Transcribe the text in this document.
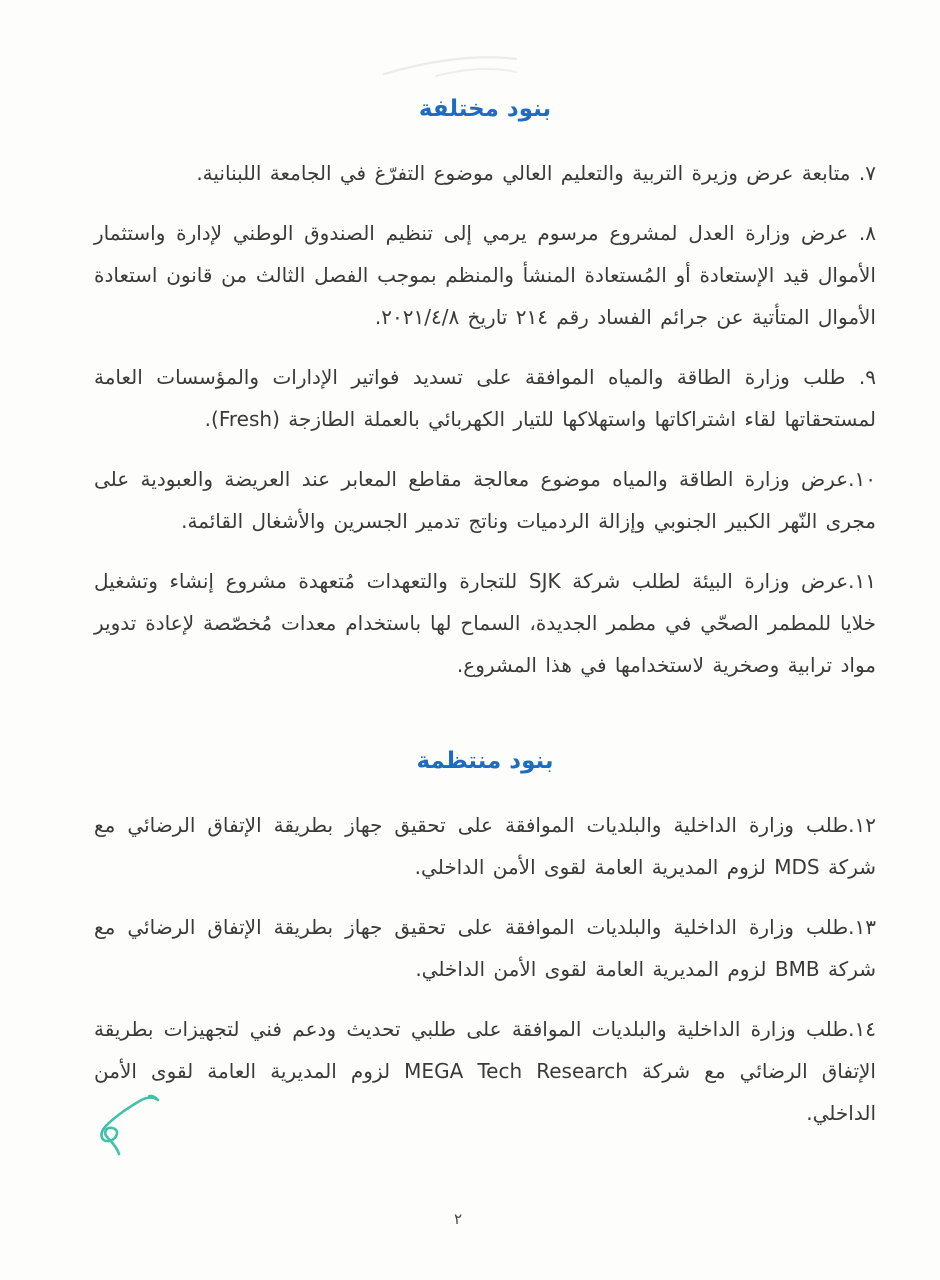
بنود مختلفة

٧. متابعة عرض وزيرة التربية والتعليم العالي موضوع التفرّغ في الجامعة اللبنانية.

٨. عرض وزارة العدل لمشروع مرسوم يرمي إلى تنظيم الصندوق الوطني لإدارة واستثمار الأموال قيد الإستعادة أو المُستعادة المنشأ والمنظم بموجب الفصل الثالث من قانون استعادة الأموال المتأتية عن جرائم الفساد رقم ٢١٤ تاريخ ٢٠٢١/٤/٨.

٩. طلب وزارة الطاقة والمياه الموافقة على تسديد فواتير الإدارات والمؤسسات العامة لمستحقاتها لقاء اشتراكاتها واستهلاكها للتيار الكهربائي بالعملة الطازجة (Fresh).

١٠.عرض وزارة الطاقة والمياه موضوع معالجة مقاطع المعابر عند العريضة والعبودية على مجرى النّهر الكبير الجنوبي وإزالة الردميات وناتج تدمير الجسرين والأشغال القائمة.

١١.عرض وزارة البيئة لطلب شركة SJK للتجارة والتعهدات مُتعهدة مشروع إنشاء وتشغيل خلايا للمطمر الصحّي في مطمر الجديدة، السماح لها باستخدام معدات مُخصّصة لإعادة تدوير مواد ترابية وصخرية لاستخدامها في هذا المشروع.

بنود منتظمة

١٢.طلب وزارة الداخلية والبلديات الموافقة على تحقيق جهاز بطريقة الإتفاق الرضائي مع شركة MDS لزوم المديرية العامة لقوى الأمن الداخلي.

١٣.طلب وزارة الداخلية والبلديات الموافقة على تحقيق جهاز بطريقة الإتفاق الرضائي مع شركة BMB لزوم المديرية العامة لقوى الأمن الداخلي.

١٤.طلب وزارة الداخلية والبلديات الموافقة على طلبي تحديث ودعم فني لتجهيزات بطريقة الإتفاق الرضائي مع شركة MEGA Tech Research لزوم المديرية العامة لقوى الأمن الداخلي.

٢
